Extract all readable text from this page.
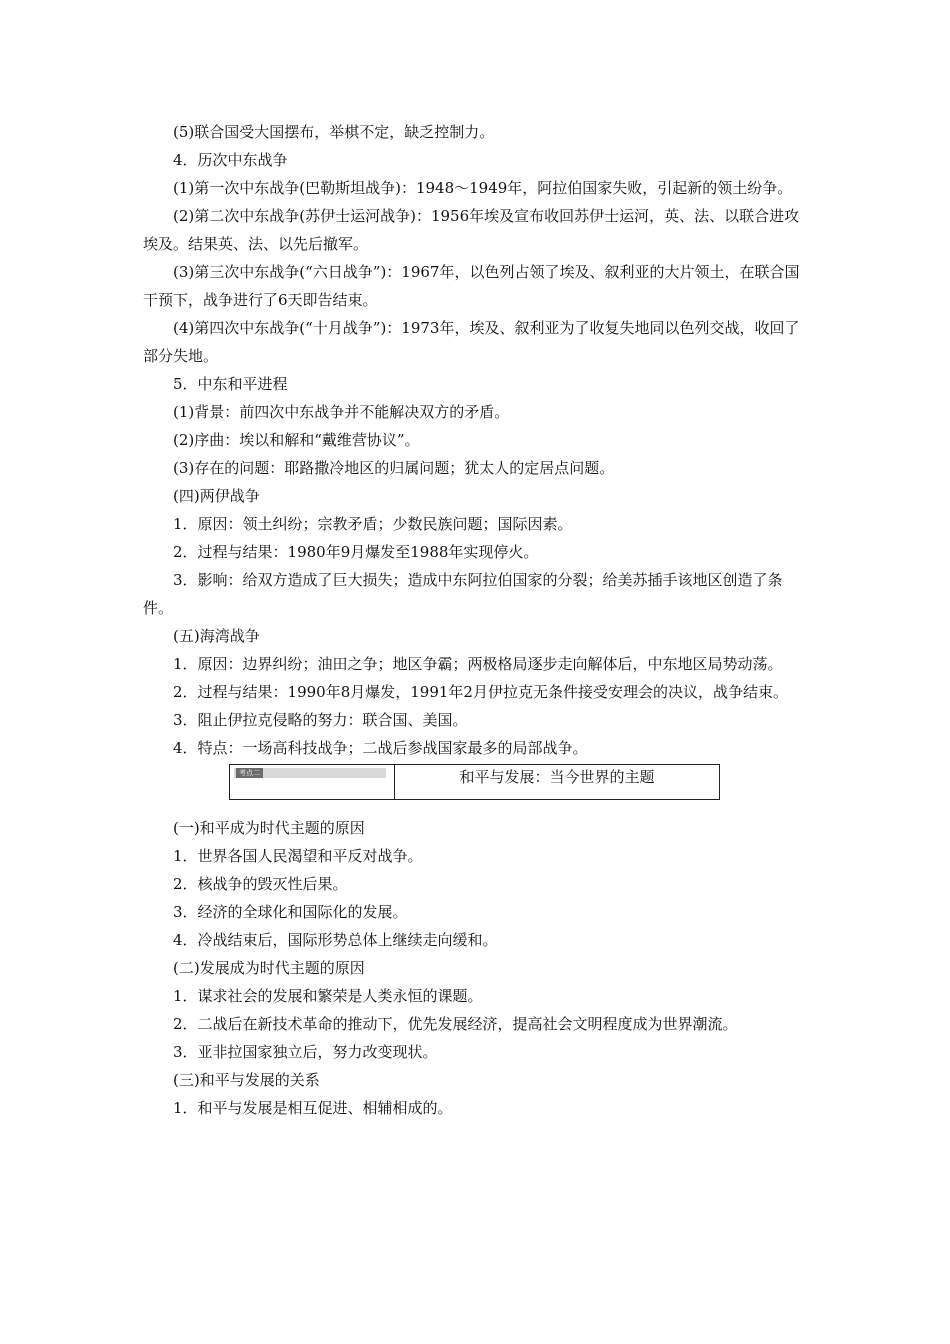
(5)联合国受大国摆布，举棋不定，缺乏控制力。

4．历次中东战争

(1)第一次中东战争(巴勒斯坦战争)：1948～1949年，阿拉伯国家失败，引起新的领土纷争。

(2)第二次中东战争(苏伊士运河战争)：1956年埃及宣布收回苏伊士运河，英、法、以联合进攻埃及。结果英、法、以先后撤军。

(3)第三次中东战争(“六日战争”)：1967年，以色列占领了埃及、叙利亚的大片领土，在联合国干预下，战争进行了6天即告结束。

(4)第四次中东战争(“十月战争”)：1973年，埃及、叙利亚为了收复失地同以色列交战，收回了部分失地。

5．中东和平进程

(1)背景：前四次中东战争并不能解决双方的矛盾。

(2)序曲：埃以和解和“戴维营协议”。

(3)存在的问题：耶路撒冷地区的归属问题；犹太人的定居点问题。

(四)两伊战争

1．原因：领土纠纷；宗教矛盾；少数民族问题；国际因素。

2．过程与结果：1980年9月爆发至1988年实现停火。

3．影响：给双方造成了巨大损失；造成中东阿拉伯国家的分裂；给美苏插手该地区创造了条件。

(五)海湾战争

1．原因：边界纠纷；油田之争；地区争霸；两极格局逐步走向解体后，中东地区局势动荡。

2．过程与结果：1990年8月爆发，1991年2月伊拉克无条件接受安理会的决议，战争结束。

3．阻止伊拉克侵略的努力：联合国、美国。

4．特点：一场高科技战争；二战后参战国家最多的局部战争。

考点二	和平与发展：当今世界的主题

(一)和平成为时代主题的原因

1．世界各国人民渴望和平反对战争。

2．核战争的毁灭性后果。

3．经济的全球化和国际化的发展。

4．冷战结束后，国际形势总体上继续走向缓和。

(二)发展成为时代主题的原因

1．谋求社会的发展和繁荣是人类永恒的课题。

2．二战后在新技术革命的推动下，优先发展经济，提高社会文明程度成为世界潮流。

3．亚非拉国家独立后，努力改变现状。

(三)和平与发展的关系

1．和平与发展是相互促进、相辅相成的。
